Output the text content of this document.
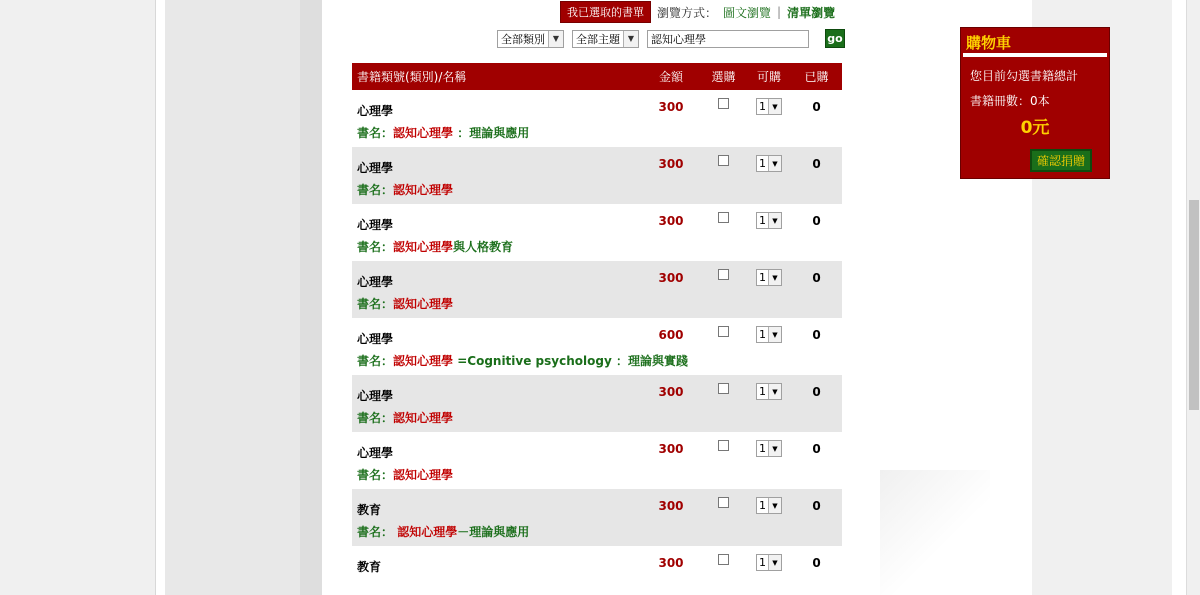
我已選取的書單	瀏覽方式： 圖文瀏覽 | 清單瀏覽
全部類別 ▼	全部主題 ▼	認知心理學	go
書籍類號(類別)/名稱	金額	選購	可購	已購
心理學	300		1 ▼	0
書名：認知心理學 ：理論與應用				
心理學	300		1 ▼	0
書名：認知心理學				
心理學	300		1 ▼	0
書名：認知心理學與人格教育				
心理學	300		1 ▼	0
書名：認知心理學				
心理學	600		1 ▼	0
書名：認知心理學 =Cognitive psychology ：理論與實踐				
心理學	300		1 ▼	0
書名：認知心理學				
心理學	300		1 ▼	0
書名：認知心理學				
教育	300		1 ▼	0
書名： 認知心理學－理論與應用				
教育	300		1 ▼	0
購物車
您目前勾選書籍總計
書籍冊數：0本
0元
確認捐贈
